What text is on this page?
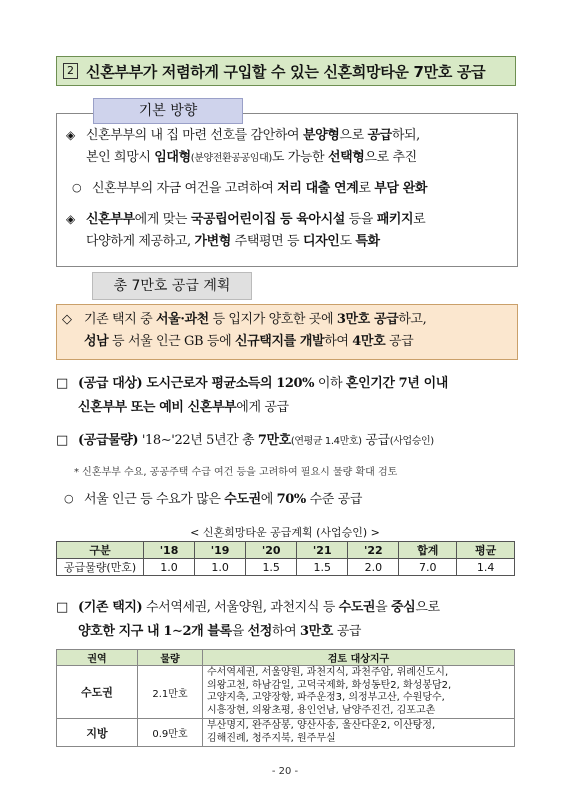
2 신혼부부가 저렴하게 구입할 수 있는 신혼희망타운 7만호 공급
기본 방향
◈ 신혼부부의 내 집 마련 선호를 감안하여 분양형으로 공급하되,
본인 희망시 임대형(분양전환공공임대)도 가능한 선택형으로 추진
○ 신혼부부의 자금 여건을 고려하여 저리 대출 연계로 부담 완화
◈ 신혼부부에게 맞는 국공립어린이집 등 육아시설 등을 패키지로
다양하게 제공하고, 가변형 주택평면 등 디자인도 특화
총 7만호 공급 계획
◇ 기존 택지 중 서울·과천 등 입지가 양호한 곳에 3만호 공급하고,
성남 등 서울 인근 GB 등에 신규택지를 개발하여 4만호 공급
□ (공급 대상) 도시근로자 평균소득의 120% 이하 혼인기간 7년 이내
신혼부부 또는 예비 신혼부부에게 공급
□ (공급물량) '18∼'22년 5년간 총 7만호(연평균 1.4만호) 공급(사업승인)
* 신혼부부 수요, 공공주택 수급 여건 등을 고려하여 필요시 물량 확대 검토
○ 서울 인근 등 수요가 많은 수도권에 70% 수준 공급
< 신혼희망타운 공급계획 (사업승인) >
구분	'18	'19	'20	'21	'22	합계	평균
공급물량(만호)	1.0	1.0	1.5	1.5	2.0	7.0	1.4
□ (기존 택지) 수서역세권, 서울양원, 과천지식 등 수도권을 중심으로
양호한 지구 내 1∼2개 블록을 선정하여 3만호 공급
권역	물량	검토 대상지구
수도권	2.1만호	수서역세권, 서울양원, 과천지식, 과천주암, 위례신도시,
의왕고천, 하남감일, 고덕국제화, 화성동탄2, 화성봉담2,
고양지축, 고양장항, 파주운정3, 의정부고산, 수원당수,
시흥장현, 의왕초평, 용인언남, 남양주진건, 김포고촌

지방	0.9만호	부산명지, 완주삼봉, 양산사송, 울산다운2, 이산탕정,
김해진례, 청주지북, 원주무실
- 20 -
